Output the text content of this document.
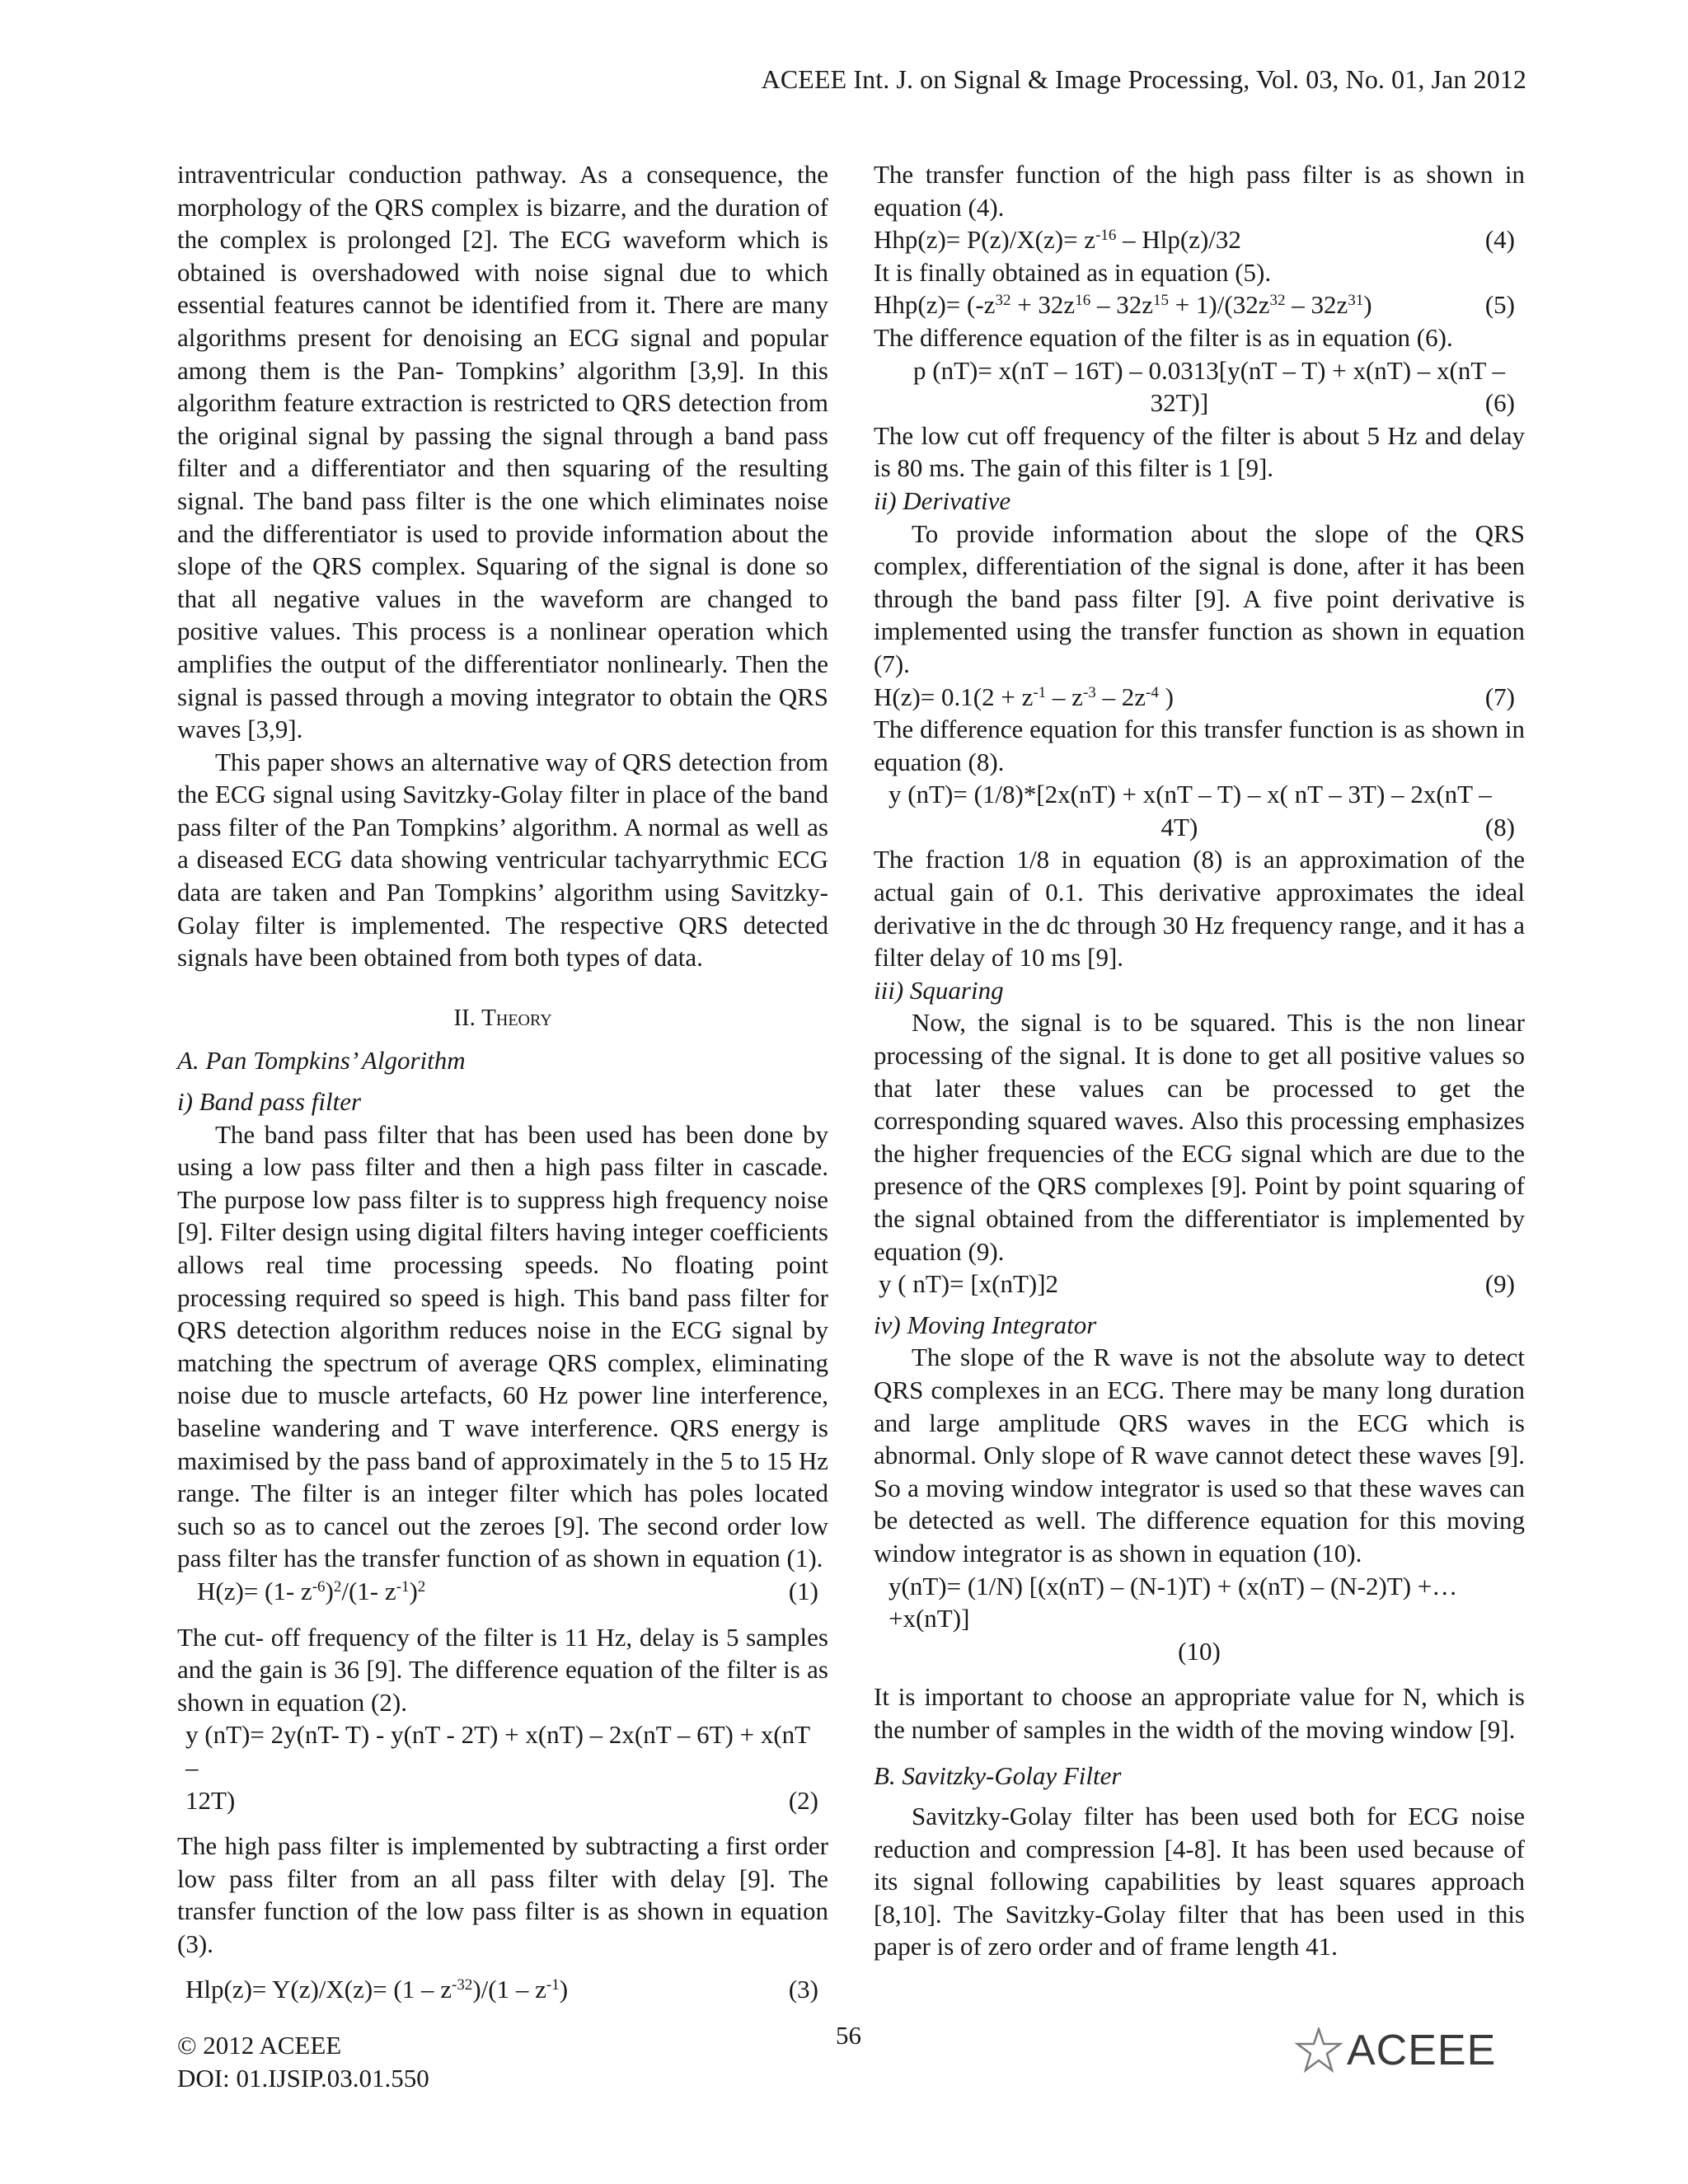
ACEEE Int. J. on Signal & Image Processing, Vol. 03, No. 01, Jan 2012

intraventricular conduction pathway. As a consequence, the morphology of the QRS complex is bizarre, and the duration of the complex is prolonged [2]. The ECG waveform which is obtained is overshadowed with noise signal due to which essential features cannot be identified from it. There are many algorithms present for denoising an ECG signal and popular among them is the Pan- Tompkins’ algorithm [3,9]. In this algorithm feature extraction is restricted to QRS detection from the original signal by passing the signal through a band pass filter and a differentiator and then squaring of the resulting signal. The band pass filter is the one which eliminates noise and the differentiator is used to provide information about the slope of the QRS complex. Squaring of the signal is done so that all negative values in the waveform are changed to positive values. This process is a nonlinear operation which amplifies the output of the differentiator nonlinearly. Then the signal is passed through a moving integrator to obtain the QRS waves [3,9].

This paper shows an alternative way of QRS detection from the ECG signal using Savitzky-Golay filter in place of the band pass filter of the Pan Tompkins’ algorithm. A normal as well as a diseased ECG data showing ventricular tachyarrythmic ECG data are taken and Pan Tompkins’ algorithm using Savitzky-Golay filter is implemented. The respective QRS detected signals have been obtained from both types of data.

II. Theory
A. Pan Tompkins’ Algorithm
i) Band pass filter

The band pass filter that has been used has been done by using a low pass filter and then a high pass filter in cascade. The purpose low pass filter is to suppress high frequency noise [9]. Filter design using digital filters having integer coefficients allows real time processing speeds. No floating point processing required so speed is high. This band pass filter for QRS detection algorithm reduces noise in the ECG signal by matching the spectrum of average QRS complex, eliminating noise due to muscle artefacts, 60 Hz power line interference, baseline wandering and T wave interference. QRS energy is maximised by the pass band of approximately in the 5 to 15 Hz range. The filter is an integer filter which has poles located such so as to cancel out the zeroes [9]. The second order low pass filter has the transfer function of as shown in equation (1).

H(z)= (1- $z^{-6})^2/(1-$ $z^{-1})^2$	(1)

The cut- off frequency of the filter is 11 Hz, delay is 5 samples and the gain is 36 [9]. The difference equation of the filter is as shown in equation (2).

y (nT)= 2y(nT- T) - y(nT - 2T) + x(nT) – 2x(nT – 6T) + x(nT –
12T)	(2)

The high pass filter is implemented by subtracting a first order low pass filter from an all pass filter with delay [9]. The transfer function of the low pass filter is as shown in equation (3).

$Hlp(z)= Y(z)/X(z)= (1 - z^{-32})/(1 - z^{-1})$	(3)

The transfer function of the high pass filter is as shown in equation (4).

$Hhp(z)= P(z)/X(z)= z^{-16} - Hlp(z)/32$	(4)

It is finally obtained as in equation (5).

$Hhp(z)= (-z^{32} + 32z^{16} - 32z^{15} + 1)/(32z^{32} - 32z^{31})$	(5)

The difference equation of the filter is as in equation (6).

p (nT)= x(nT – 16T) – 0.0313[y(nT – T) + x(nT) – x(nT –
32T)]	(6)

The low cut off frequency of the filter is about 5 Hz and delay is 80 ms. The gain of this filter is 1 [9].

ii) Derivative

To provide information about the slope of the QRS complex, differentiation of the signal is done, after it has been through the band pass filter [9]. A five point derivative is implemented using the transfer function as shown in equation (7).

$H(z)= 0.1(2 + z^{-1} - z^{-3} - 2z^{-4}$ )	(7)

The difference equation for this transfer function is as shown in equation (8).

y (nT)= (1/8)*[2x(nT) + x(nT – T) – x( nT – 3T) – 2x(nT –
4T)	(8)

The fraction 1/8 in equation (8) is an approximation of the actual gain of 0.1. This derivative approximates the ideal derivative in the dc through 30 Hz frequency range, and it has a filter delay of 10 ms [9].

iii) Squaring

Now, the signal is to be squared. This is the non linear processing of the signal. It is done to get all positive values so that later these values can be processed to get the corresponding squared waves. Also this processing emphasizes the higher frequencies of the ECG signal which are due to the presence of the QRS complexes [9]. Point by point squaring of the signal obtained from the differentiator is implemented by equation (9).

y ( nT)= [x(nT)]2	(9)
iv) Moving Integrator

The slope of the R wave is not the absolute way to detect QRS complexes in an ECG. There may be many long duration and large amplitude QRS waves in the ECG which is abnormal. Only slope of R wave cannot detect these waves [9]. So a moving window integrator is used so that these waves can be detected as well. The difference equation for this moving window integrator is as shown in equation (10).

y(nT)= (1/N) [(x(nT) – (N-1)T) + (x(nT) – (N-2)T) +…+x(nT)]
(10)

It is important to choose an appropriate value for N, which is the number of samples in the width of the moving window [9].

B. Savitzky-Golay Filter

Savitzky-Golay filter has been used both for ECG noise reduction and compression [4-8]. It has been used because of its signal following capabilities by least squares approach [8,10]. The Savitzky-Golay filter that has been used in this paper is of zero order and of frame length 41.

© 2012 ACEEE
DOI: 01.IJSIP.03.01.550
56	ACEEE
